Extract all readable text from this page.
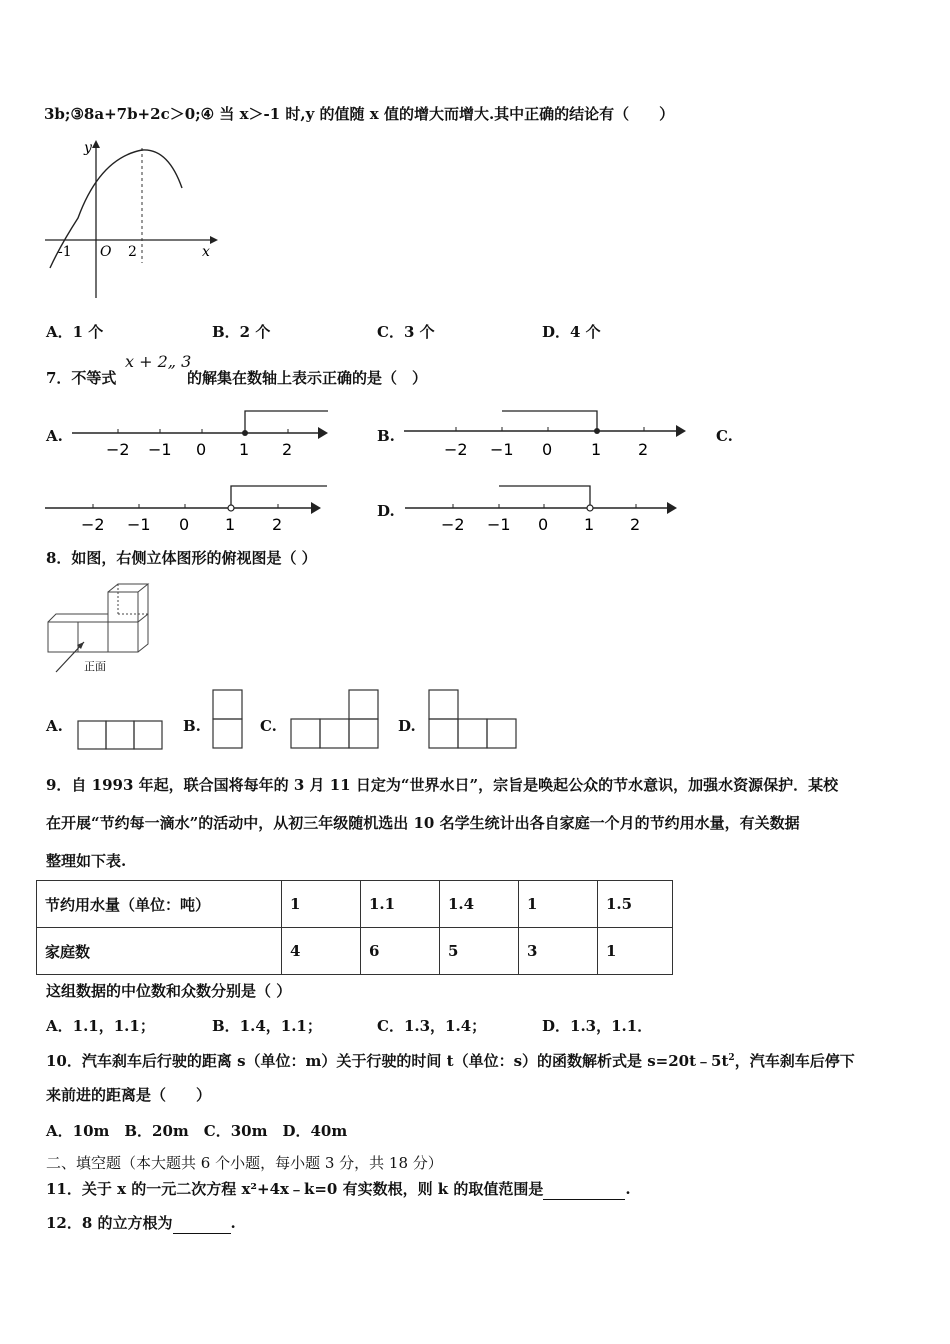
3b;③8a+7b+2c＞0;④ 当 x＞-1 时,y 的值随 x 值的增大而增大.其中正确的结论有（　　）
y
x
O
-1	2
A．1 个	B．2 个	C．3 个	D．4 个
7．不等式
x + 2„ 3
的解集在数轴上表示正确的是（　）
A.	B.	C.
D.
−2 −1 0 1 2	−2 −1 0 1 2
−2 −1 0 1 2	−2 −1 0 1 2
8．如图，右侧立体图形的俯视图是（ ）
正面
A.	B.	C.	D.
9．自 1993 年起，联合国将每年的 3 月 11 日定为“世界水日”，宗旨是唤起公众的节水意识，加强水资源保护．某校
在开展“节约每一滴水”的活动中，从初三年级随机选出 10 名学生统计出各自家庭一个月的节约用水量，有关数据
整理如下表.
节约用水量（单位：吨）	1	1.1	1.4	1	1.5
家庭数	4	6	5	3	1
这组数据的中位数和众数分别是（ ）
A．1.1，1.1；	B．1.4，1.1；	C．1.3，1.4；	D．1.3，1.1．
10．汽车刹车后行驶的距离 s（单位：m）关于行驶的时间 t（单位：s）的函数解析式是 $s=20t﹣5t^2$，汽车刹车后停下
来前进的距离是（　　）
A．10m　B．20m　C．30m　D．40m
二、填空题（本大题共 6 个小题，每小题 3 分，共 18 分）
11．关于 x 的一元二次方程 x²+4x﹣k=0 有实数根，则 k 的取值范围是	.
12．8 的立方根为	.
